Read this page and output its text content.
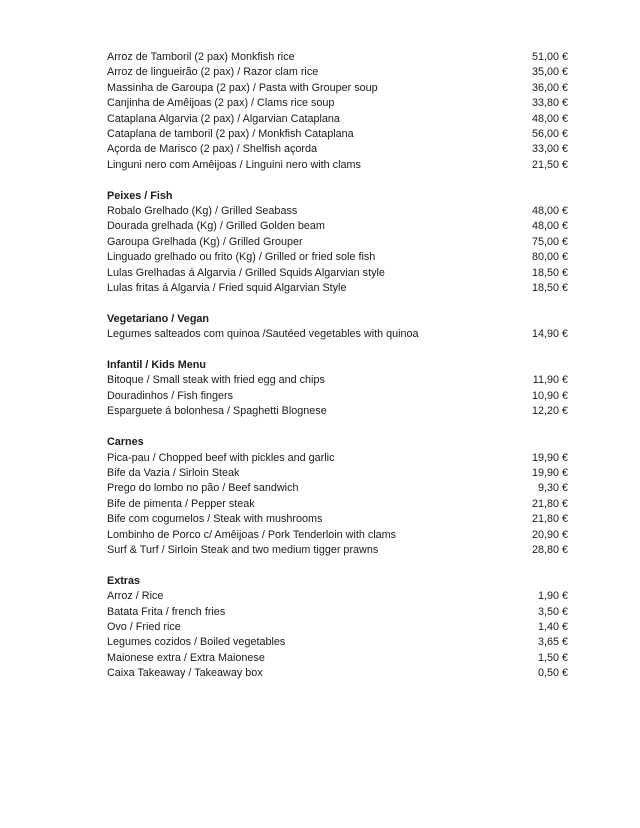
Arroz de Tamboril (2 pax) Monkfish rice	51,00 €
Arroz de lingueirão (2 pax) / Razor clam rice	35,00 €
Massinha de Garoupa (2 pax) / Pasta with Grouper soup	36,00 €
Canjinha de Amêijoas (2 pax) / Clams rice soup	33,80 €
Cataplana Algarvia (2 pax) / Algarvian Cataplana	48,00 €
Cataplana de tamboril (2 pax) / Monkfish Cataplana	56,00 €
Açorda de Marisco (2 pax) / Shelfish açorda	33,00 €
Linguni nero com Amêijoas / Linguini nero with clams	21,50 €
Peixes / Fish
Robalo Grelhado (Kg) / Grilled Seabass	48,00 €
Dourada grelhada (Kg) / Grilled Golden beam	48,00 €
Garoupa Grelhada (Kg) / Grilled Grouper	75,00 €
Linguado grelhado ou frito (Kg) / Grilled or fried sole fish	80,00 €
Lulas Grelhadas á Algarvia / Grilled Squids Algarvian style	18,50 €
Lulas fritas á Algarvia / Fried squid Algarvian Style	18,50 €
Vegetariano / Vegan
Legumes salteados com quinoa /Sautéed vegetables with quinoa	14,90 €
Infantil / Kids Menu
Bitoque / Small steak with fried egg and chips	11,90 €
Douradinhos / Fish fingers	10,90 €
Esparguete á bolonhesa / Spaghetti Blognese	12,20 €
Carnes
Pica-pau / Chopped beef with pickles and garlic	19,90 €
Bife da Vazia / Sirloin Steak	19,90 €
Prego do lombo no pão / Beef sandwich	9,30 €
Bife de pimenta / Pepper steak	21,80 €
Bife com cogumelos / Steak with mushrooms	21,80 €
Lombinho de Porco c/ Amêijoas / Pork Tenderloin with clams	20,90 €
Surf & Turf / Sirloin Steak and two medium tigger prawns	28,80 €
Extras
Arroz / Rice	1,90 €
Batata Frita / french fries	3,50 €
Ovo / Fried rice	1,40 €
Legumes cozidos / Boiled vegetables	3,65 €
Maionese extra / Extra Maionese	1,50 €
Caixa Takeaway / Takeaway box	0,50 €
